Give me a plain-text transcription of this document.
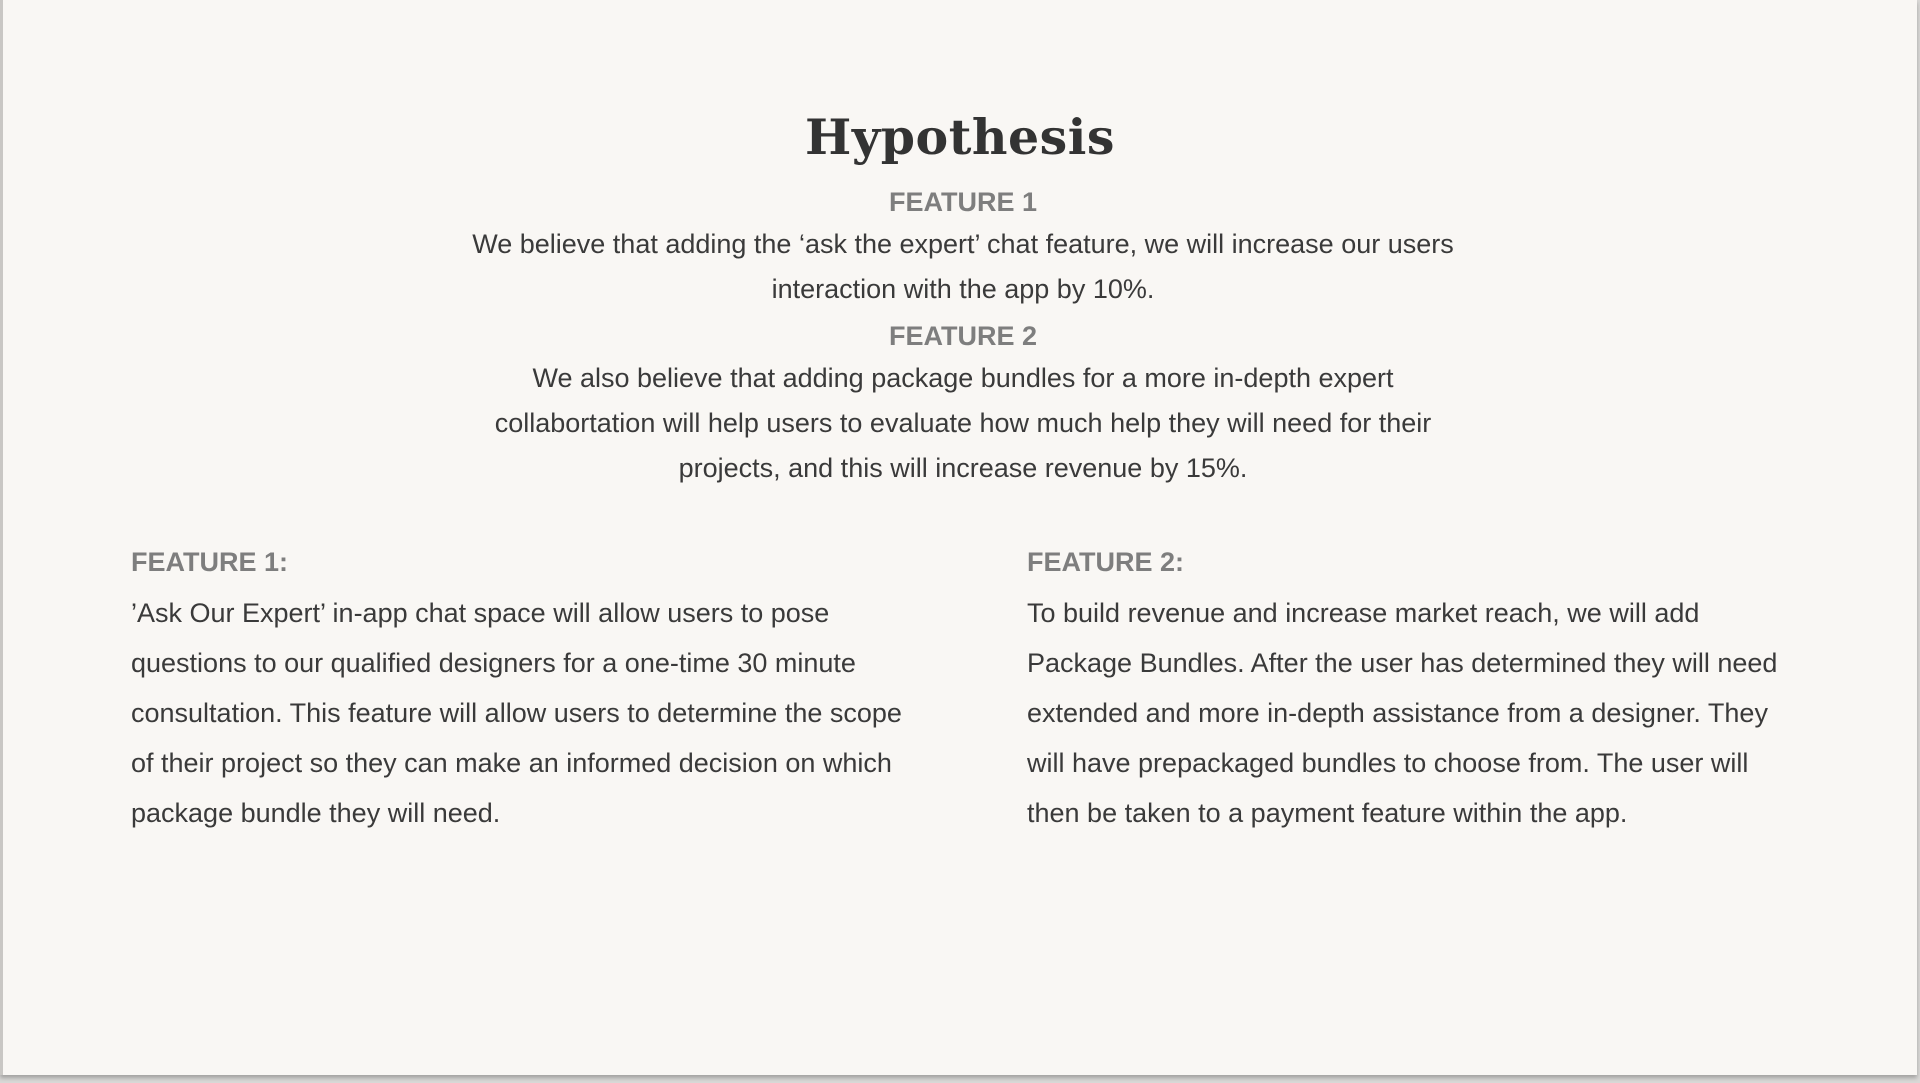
Hypothesis

FEATURE 1

We believe that adding the ‘ask the expert’ chat feature, we will increase our users interaction with the app by 10%.

FEATURE 2

We also believe that adding package bundles for a more in-depth expert collabortation will help users to evaluate how much help they will need for their projects, and this will increase revenue by 15%.

FEATURE 1:

’Ask Our Expert’ in-app chat space will allow users to pose questions to our qualified designers for a one-time 30 minute consultation. This feature will allow users to determine the scope of their project so they can make an informed decision on which package bundle they will need.

FEATURE 2:

To build revenue and increase market reach, we will add Package Bundles. After the user has determined they will need extended and more in-depth assistance from a designer. They will have prepackaged bundles to choose from. The user will then be taken to a payment feature within the app.
